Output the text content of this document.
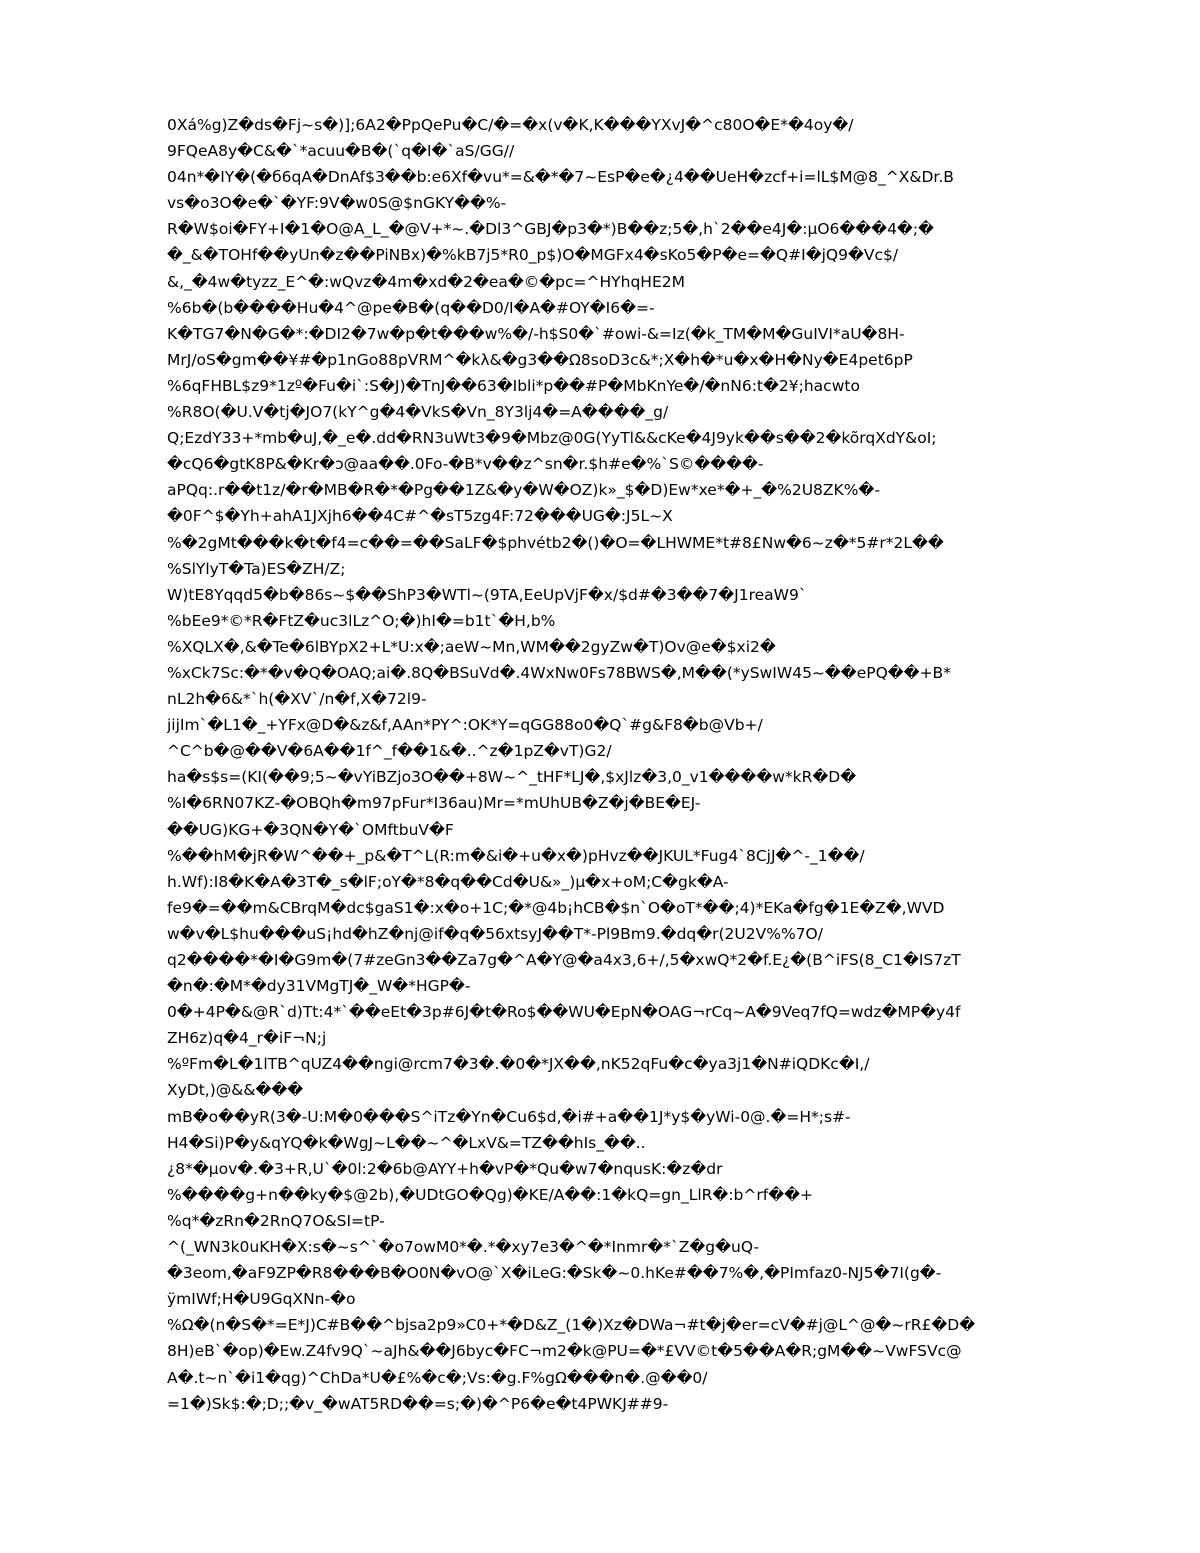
0Xá%g)Z�ds�Fj~s�)];6A2�PpQePu�C/�=�x(v�K,K���YXvJ�^c80O�E*�4oy�/
9FQeA8y�C&�`*acuu�B�(`q�I�`aS/GG//
04n*�IY�(�б6qA�DnAf$3��b:e6Xf�vu*=&�*�7~EsP�e�¿4��UeH�zcf+i=lL$M@8_^X&Dr.B
vs�o3O�e�`�YF:9V�w0S@$nGKY��%-
R�W$oi�FY+I�1�O@A_L_�@V+*~.�Dl3^GBJ�p3�*)B��z;5�,h`2��e4J�:µO6���4�;�
�_&�TOHf��yUn�z��PiNBx)�%kB7j5*R0_p$)O�MGFx4�sKo5�P�e=�Q#I�jQ9�Vc$/
&,_�4w�tyzz_E^�:wQvz�4m�xd�2�ea�©�pc=^HYhqHE2M
%6b�(b����Hu�4^@pe�B�(q��D0/I�A�#OY�I6�=-
K�TG7�N�G�*:�DI2�7w�p�t���w%�/-h$S0�`#owi-&=Iz(�k_TM�M�GuIVI*aU�8H-
MrJ/oS�gm��¥#�p1nGo88pVRM^�kλ&�g3��Ω8soD3c&*;X�h�*u�x�H�Ny�E4pet6pP
%6qFHBL$z9*1zº�Fu�i`:S�J)�TnJ��63�Ibli*p��#P�MbKnYe�/�nN6:t�2¥;hacwto
%R8O(�U.V�tj�JO7(kY^g�4�VkS�Vn_8Y3lj4�=A����_g/
Q;EzdY33+*mb�uJ,�_e�.dd�RN3uWt3�9�Mbz@0G(YyTl&&cKe�4J9yk��s��2�kõrqXdY&oI;
�cQ6�gtK8P&�Kr�ɔ@aa��.0Fo-�B*v��z^sn�r.$h#e�%`S©����-
aPQq:.r��t1z/�r�MB�R�*�Pg��1Z&�y�W�OZ)k»_$�D)Ew*xe*�+_�%2U8ZK%�-
�0F^$�Yh+ahA1JXjh6��4C#^�sT5zg4F:72���UG�:J5L~X
%�2gMt���k�t�f4=c��=��SaLF�$phvétb2�()�O=�LHWME*t#8£Nw�6~z�*5#r*2L��
%SlYlyT�Ta)ES�ZH/Z;
W)tE8Yqqd5�b�86s~$��ShP3�WTl~(9TA,EeUpVjF�x/$d#�3��7�J1reaW9`
%bEe9*©*R�FtZ�uc3lLz^O;�)hI�=b1t`�H,b%
%XQLX�,&�Te�6lBYpX2+L*U:x�;aeW~Mn,WM��2gyZw�T)Ov@e�$xi2�
%xCk7Sc:�*�v�Q�OAQ;ai�.8Q�BSuVd�.4WxNw0Fs78BWS�,M��(*ySwIW45~��ePQ��+B*
nL2h�6&*`h(�XV`/n�f,X�72l9-
jijIm`�L1�_+YFx@D�&z&f,AAn*PY^:OK*Y=qGG88o0�Q`#g&F8�b@Vb+/
^C^b�@��V�6A��1f^_f��1&�..^z�1pZ�vT)G2/
ha�s$s=(KI(��9;5~�vYiBZjo3O��+8W~^_tHF*LJ�,$xJlz�3,0_v1����w*kR�D�
%I�6RN07KZ-�OBQh�m97pFur*I36au)Mr=*mUhUB�Z�j�BE�EJ-
��UG)KG+�3QN�Y�`OMftbuV�F
%��hM�jR�W^��+_p&�T^L(R:m�&i�+u�x�)pHvz��JKUL*Fug4`8CjJ�^-_1��/
h.Wf):I8�K�A�3T�_s�lF;oY�*8�q��Cd�U&»_)µ�x+oM;C�gk�A-
fe9�=��m&CBrqM�dc$gaS1�:x�o+1C;�*@4b¡hCB�$n`O�oT*��;4)*EKa�fg�1E�Z�,WVD
w�v�L$hu���uS¡hd�hZ�nj@if�q�56xtsyJ��T*-Pl9Bm9.�dq�r(2U2V%%7O/
q2����*�I�G9m�(7#zeGn3��Za7g�^A�Y@�a4x3,6+/,5�xwQ*2�f.E¿�(B^iFS(8_C1�IS7zT
�n�:�M*�dy31VMgTJ�_W�*HGP�-
0�+4P�&@R`d)Tt:4*`��eEt�3p#6J�t�Ro$��WU�EpN�OAG¬rCq~A�9Veq7fQ=wdz�MP�y4f
ZH6z)q�4_r�iF¬N;j
%ºFm�L�1lTB^qUZ4��ngi@rcm7�3�.�0�*JX��,nK52qFu�c�ya3j1�N#iQDKc�I,/
XyDt,)@&&���
mB�o��yR(3�-U:M�0���S^iTz�Yn�Cu6$d,�i#+a��1J*y$�yWi-0@.�=H*;s#-
H4�Si)P�y&qYQ�k�WgJ~L��~^�LxV&=TZ��hIs_��..
¿8*�µov�.�3+R,U`�0l:2�6b@AYY+h�vP�*Qu�w7�nqusK:�z�dr
%����g+n��ky�$@2b),�UDtGO�Qg)�KE/A��:1�kQ=gn_LlR�:b^rf��+
%q*�zRn�2RnQ7O&SI=tP-
^(_WN3k0uKH�X:s�~s^`�o7owM0*�.*�xy7e3�^�*Inmr�*`Z�g�uQ-
�3eom,�aF9ZP�R8���B�O0N�vO@`X�iLeG:�Sk�~0.hKe#��7%�,�PImfaz0-NJ5�7I(g�-
ÿmIWf;H�U9GqXNn-�o
%Ω�(n�S�*=E*J)C#B��^bjsa2p9»C0+*�D&Z_(1�)Xz�DWa¬#t�j�er=cV�#j@L^@�~rR£�D�
8H)eB`�op)�Ew.Z4fv9Q`~aJh&��J6byc�FC¬m2�k@PU=�*£VV©t�5��A�R;gM��~VwFSVc@
A�.t~n`�i1�qg)^ChDa*U�£%�c�;Vs:�g.F%gΩ���n�.@��0/
=1�)Sk$:�;D;;�v_�wAT5RD��=s;�)�^P6�e�t4PWKJ##9-
